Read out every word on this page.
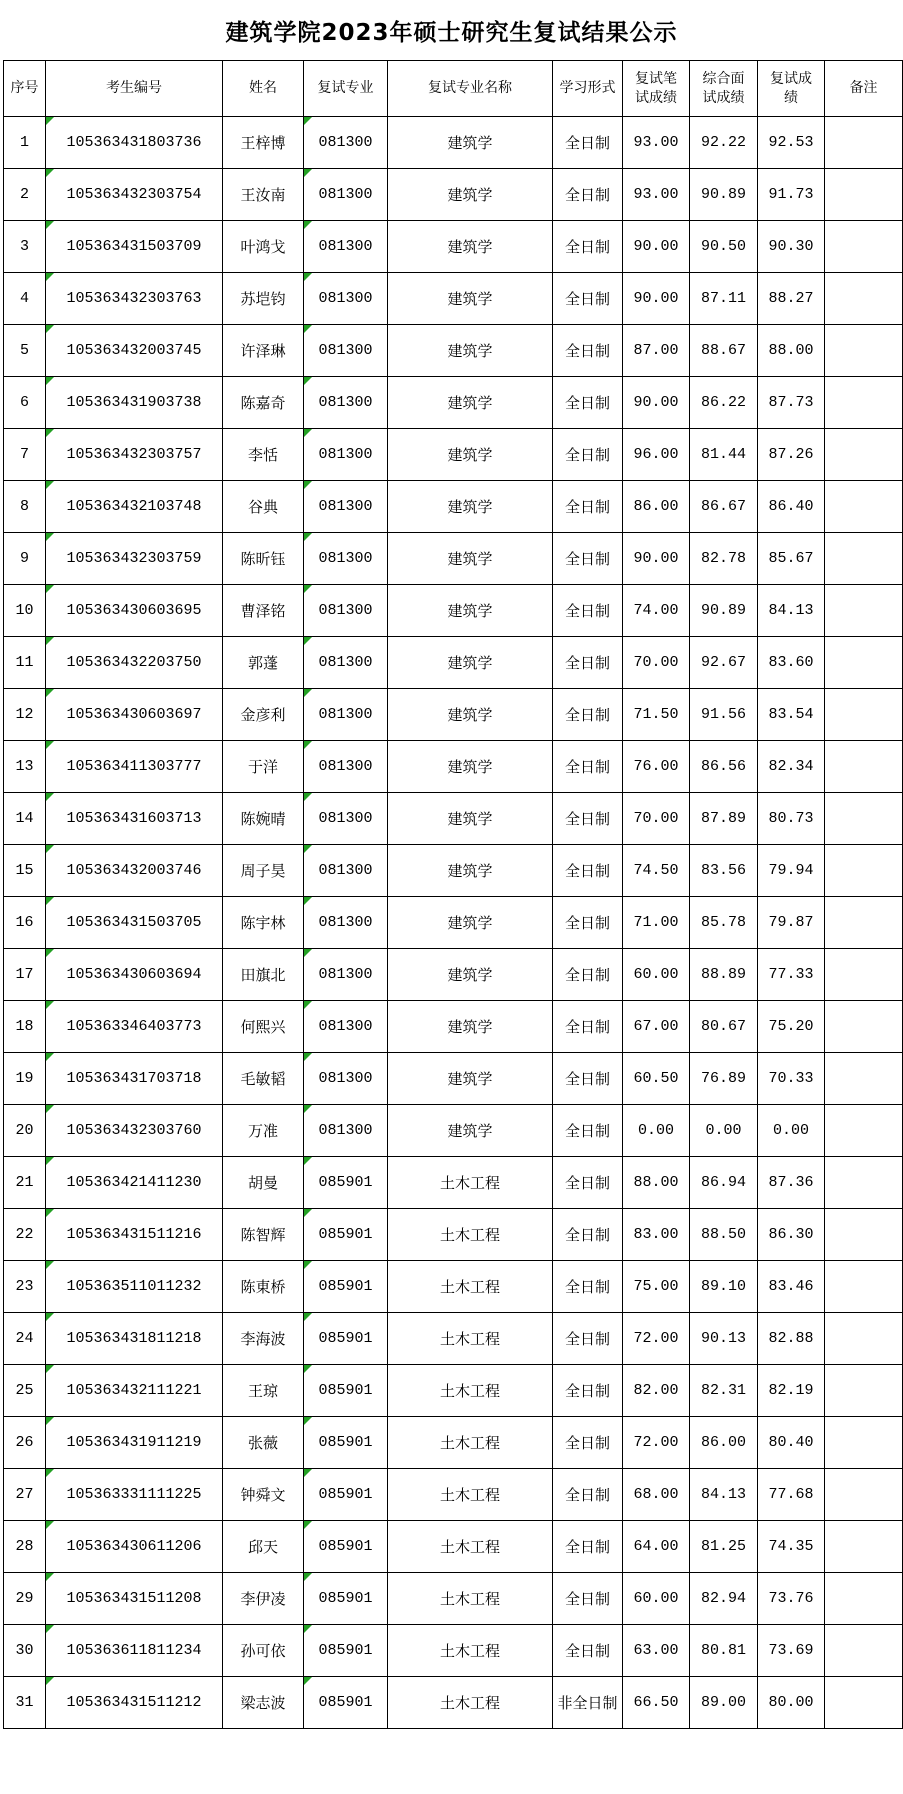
建筑学院2023年硕士研究生复试结果公示
序号	考生编号	姓名	复试专业	复试专业名称	学习形式	复试笔试成绩	综合面试成绩	复试成绩	备注
1	105363431803736	王梓博	081300	建筑学	全日制	93.00	92.22	92.53	
2	105363432303754	王汝南	081300	建筑学	全日制	93.00	90.89	91.73	
3	105363431503709	叶鸿戈	081300	建筑学	全日制	90.00	90.50	90.30	
4	105363432303763	苏垲钧	081300	建筑学	全日制	90.00	87.11	88.27	
5	105363432003745	许泽琳	081300	建筑学	全日制	87.00	88.67	88.00	
6	105363431903738	陈嘉奇	081300	建筑学	全日制	90.00	86.22	87.73	
7	105363432303757	李恬	081300	建筑学	全日制	96.00	81.44	87.26	
8	105363432103748	谷典	081300	建筑学	全日制	86.00	86.67	86.40	
9	105363432303759	陈昕钰	081300	建筑学	全日制	90.00	82.78	85.67	
10	105363430603695	曹泽铭	081300	建筑学	全日制	74.00	90.89	84.13	
11	105363432203750	郭蓬	081300	建筑学	全日制	70.00	92.67	83.60	
12	105363430603697	金彦利	081300	建筑学	全日制	71.50	91.56	83.54	
13	105363411303777	于洋	081300	建筑学	全日制	76.00	86.56	82.34	
14	105363431603713	陈婉晴	081300	建筑学	全日制	70.00	87.89	80.73	
15	105363432003746	周子昊	081300	建筑学	全日制	74.50	83.56	79.94	
16	105363431503705	陈宇林	081300	建筑学	全日制	71.00	85.78	79.87	
17	105363430603694	田旗北	081300	建筑学	全日制	60.00	88.89	77.33	
18	105363346403773	何熙兴	081300	建筑学	全日制	67.00	80.67	75.20	
19	105363431703718	毛敏韬	081300	建筑学	全日制	60.50	76.89	70.33	
20	105363432303760	万准	081300	建筑学	全日制	0.00	0.00	0.00	
21	105363421411230	胡曼	085901	土木工程	全日制	88.00	86.94	87.36	
22	105363431511216	陈智辉	085901	土木工程	全日制	83.00	88.50	86.30	
23	105363511011232	陈東桥	085901	土木工程	全日制	75.00	89.10	83.46	
24	105363431811218	李海波	085901	土木工程	全日制	72.00	90.13	82.88	
25	105363432111221	王琼	085901	土木工程	全日制	82.00	82.31	82.19	
26	105363431911219	张薇	085901	土木工程	全日制	72.00	86.00	80.40	
27	105363331111225	钟舜文	085901	土木工程	全日制	68.00	84.13	77.68	
28	105363430611206	邱天	085901	土木工程	全日制	64.00	81.25	74.35	
29	105363431511208	李伊凌	085901	土木工程	全日制	60.00	82.94	73.76	
30	105363611811234	孙可依	085901	土木工程	全日制	63.00	80.81	73.69	
31	105363431511212	梁志波	085901	土木工程	非全日制	66.50	89.00	80.00	
